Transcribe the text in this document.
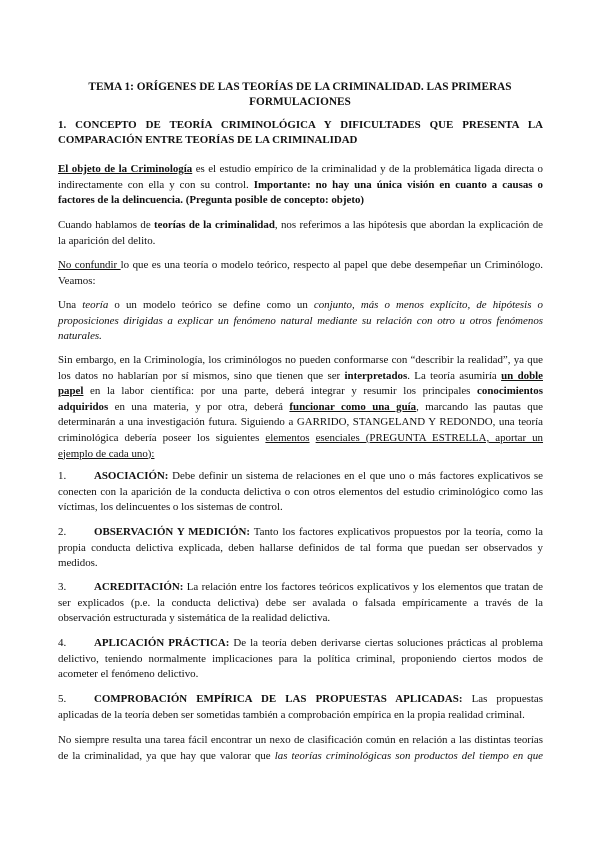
TEMA 1: ORÍGENES DE LAS TEORÍAS DE LA CRIMINALIDAD. LAS PRIMERAS FORMULACIONES
1. CONCEPTO DE TEORÍA CRIMINOLÓGICA Y DIFICULTADES QUE PRESENTA LA COMPARACIÓN ENTRE TEORÍAS DE LA CRIMINALIDAD
El objeto de la Criminología es el estudio empírico de la criminalidad y de la problemática ligada directa o
indirectamente con ella y con su control. Importante: no hay una única visión en cuanto a causas o
factores de la delincuencia. (Pregunta posible de concepto: objeto)
Cuando hablamos de teorías de la criminalidad, nos referimos a las hipótesis que abordan la explicación de
la aparición del delito.
No confundir lo que es una teoría o modelo teórico, respecto al papel que debe desempeñar un Criminólogo.
Veamos:
Una teoría o un modelo teórico se define como un conjunto, más o menos explícito, de hipótesis o
proposiciones dirigidas a explicar un fenómeno natural mediante su relación con otro u otros fenómenos
naturales.
Sin embargo, en la Criminología, los criminólogos no pueden conformarse con “describir la realidad”, ya que
los datos no hablarían por sí mismos, sino que tienen que ser interpretados. La teoría asumiría un doble
papel en la labor científica: por una parte, deberá integrar y resumir los principales conocimientos
adquiridos en una materia, y por otra, deberá funcionar como una guía, marcando las pautas que
determinarán a una investigación futura. Siguiendo a GARRIDO, STANGELAND Y REDONDO, una teoría
criminológica debería poseer los siguientes elementos esenciales (PREGUNTA ESTRELLA, aportar un
ejemplo de cada uno):
1.	ASOCIACIÓN: Debe definir un sistema de relaciones en el que uno o más factores explicativos se
conecten con la aparición de la conducta delictiva o con otros elementos del estudio criminológico como las
víctimas, los delincuentes o los sistemas de control.
2.	OBSERVACIÓN Y MEDICIÓN: Tanto los factores explicativos propuestos por la teoría, como la
propia conducta delictiva explicada, deben hallarse definidos de tal forma que puedan ser observados y
medidos.
3.	ACREDITACIÓN: La relación entre los factores teóricos explicativos y los elementos que tratan de
ser explicados (p.e. la conducta delictiva) debe ser avalada o falsada empíricamente a través de la
observación estructurada y sistemática de la realidad delictiva.
4.	APLICACIÓN PRÁCTICA: De la teoría deben derivarse ciertas soluciones prácticas al problema
delictivo, teniendo normalmente implicaciones para la política criminal, proponiendo ciertos modos de
acometer el fenómeno delictivo.
5.	COMPROBACIÓN EMPÍRICA DE LAS PROPUESTAS APLICADAS: Las propuestas
aplicadas de la teoría deben ser sometidas también a comprobación empírica en la propia realidad criminal.
No siempre resulta una tarea fácil encontrar un nexo de clasificación común en relación a las distintas teorías
de la criminalidad, ya que hay que valorar que las teorías criminológicas son productos del tiempo en que
